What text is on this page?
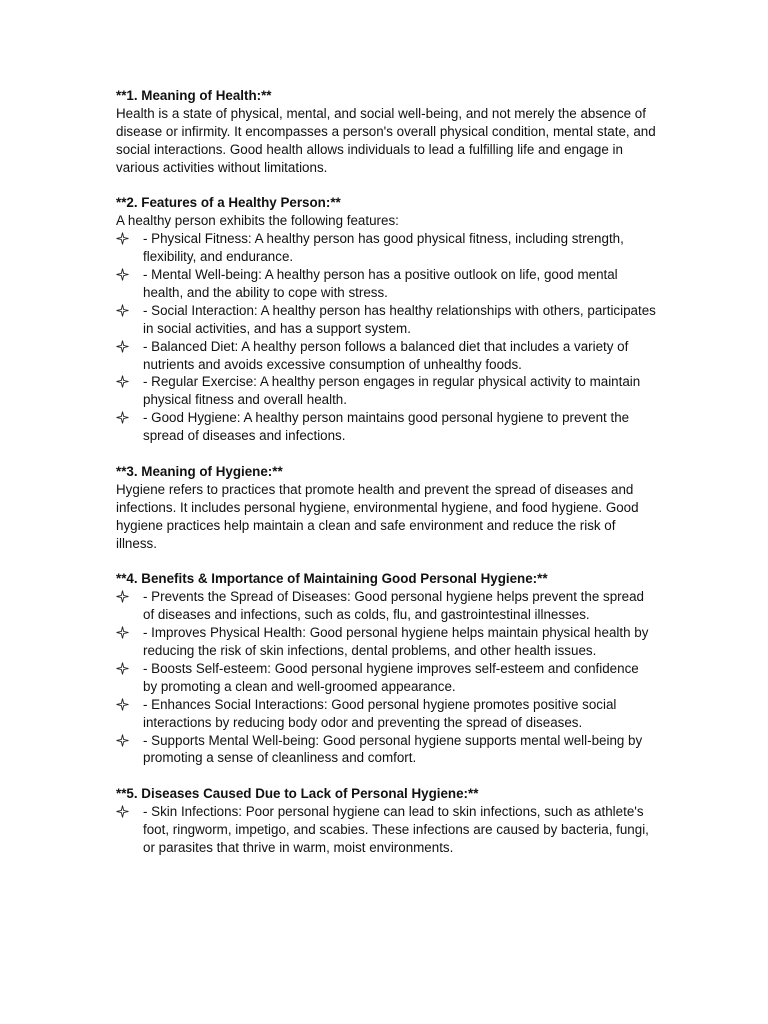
**1. Meaning of Health:**

Health is a state of physical, mental, and social well-being, and not merely the absence of disease or infirmity. It encompasses a person's overall physical condition, mental state, and social interactions. Good health allows individuals to lead a fulfilling life and engage in various activities without limitations.

**2. Features of a Healthy Person:**

A healthy person exhibits the following features:

- Physical Fitness: A healthy person has good physical fitness, including strength, flexibility, and endurance.
- Mental Well-being: A healthy person has a positive outlook on life, good mental health, and the ability to cope with stress.
- Social Interaction: A healthy person has healthy relationships with others, participates in social activities, and has a support system.
- Balanced Diet: A healthy person follows a balanced diet that includes a variety of nutrients and avoids excessive consumption of unhealthy foods.
- Regular Exercise: A healthy person engages in regular physical activity to maintain physical fitness and overall health.
- Good Hygiene: A healthy person maintains good personal hygiene to prevent the spread of diseases and infections.

**3. Meaning of Hygiene:**

Hygiene refers to practices that promote health and prevent the spread of diseases and infections. It includes personal hygiene, environmental hygiene, and food hygiene. Good hygiene practices help maintain a clean and safe environment and reduce the risk of illness.

**4. Benefits & Importance of Maintaining Good Personal Hygiene:**

- Prevents the Spread of Diseases: Good personal hygiene helps prevent the spread of diseases and infections, such as colds, flu, and gastrointestinal illnesses.
- Improves Physical Health: Good personal hygiene helps maintain physical health by reducing the risk of skin infections, dental problems, and other health issues.
- Boosts Self-esteem: Good personal hygiene improves self-esteem and confidence by promoting a clean and well-groomed appearance.
- Enhances Social Interactions: Good personal hygiene promotes positive social interactions by reducing body odor and preventing the spread of diseases.
- Supports Mental Well-being: Good personal hygiene supports mental well-being by promoting a sense of cleanliness and comfort.

**5. Diseases Caused Due to Lack of Personal Hygiene:**

- Skin Infections: Poor personal hygiene can lead to skin infections, such as athlete's foot, ringworm, impetigo, and scabies. These infections are caused by bacteria, fungi, or parasites that thrive in warm, moist environments.
